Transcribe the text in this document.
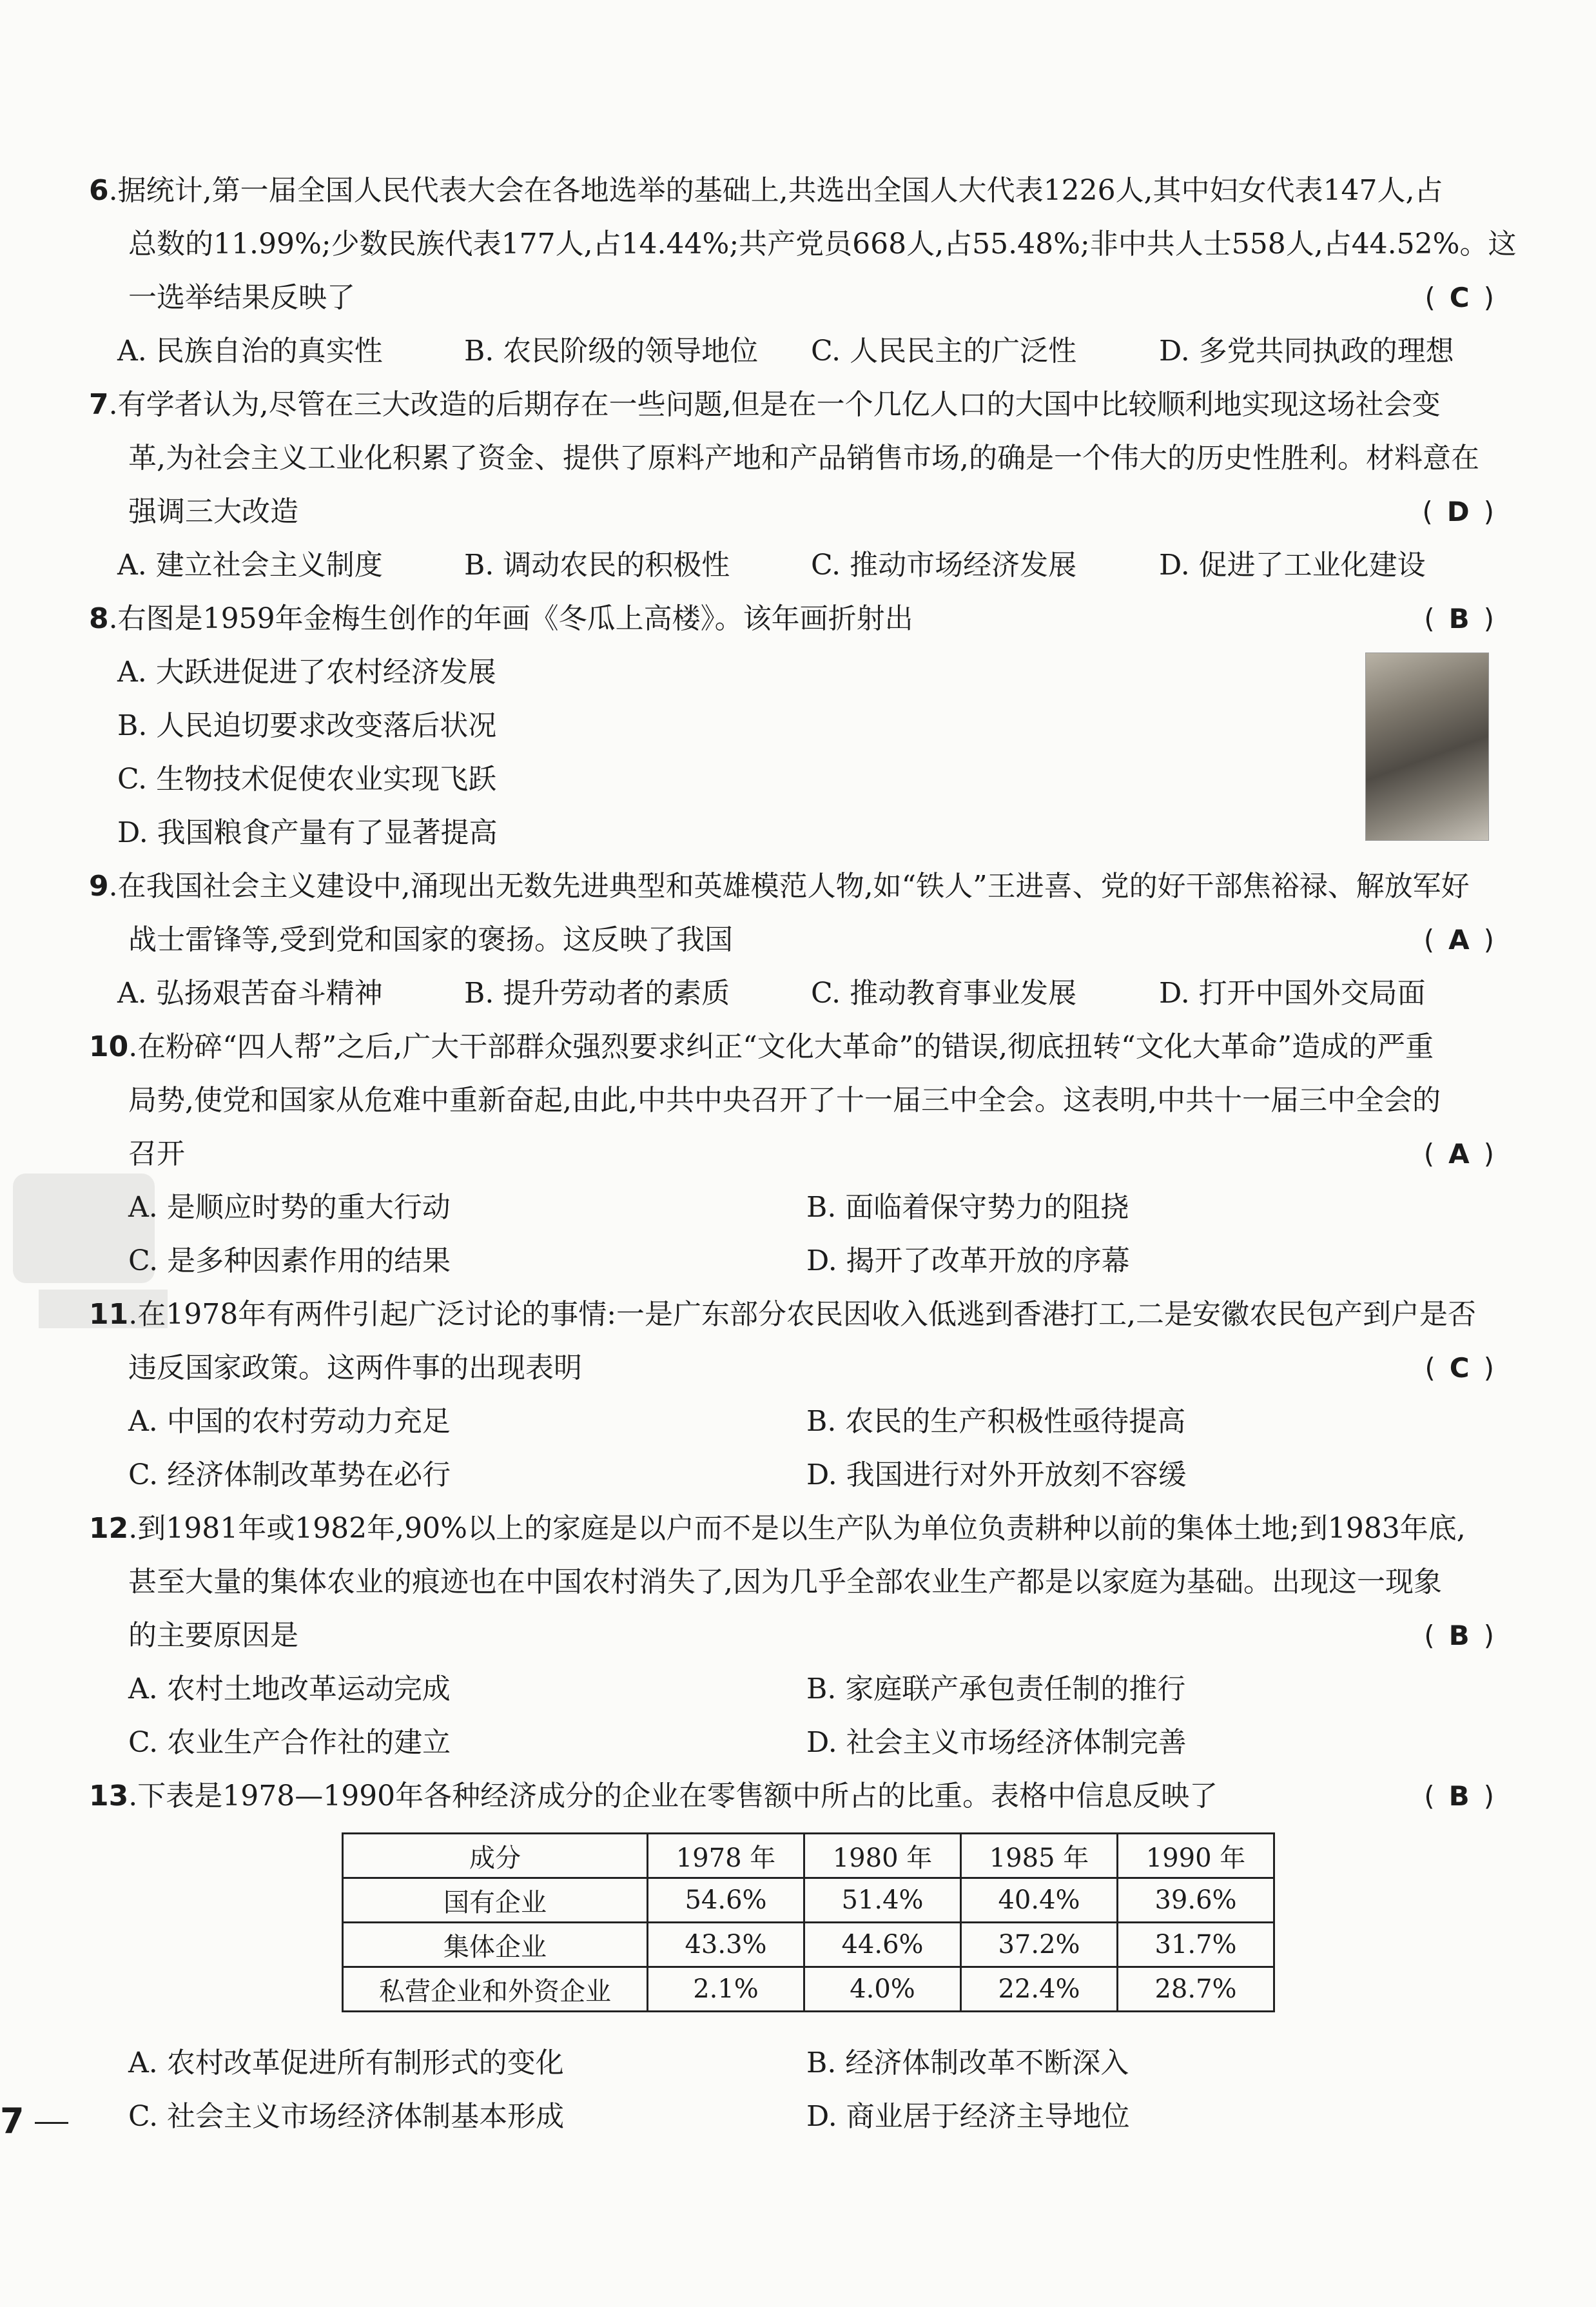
6.据统计,第一届全国人民代表大会在各地选举的基础上,共选出全国人大代表1226人,其中妇女代表147人,占
总数的11.99%;少数民族代表177人,占14.44%;共产党员668人,占55.48%;非中共人士558人,占44.52%。这
一选举结果反映了	( C )
A. 民族自治的真实性	B. 农民阶级的领导地位 C. 人民民主的广泛性	D. 多党共同执政的理想
7.有学者认为,尽管在三大改造的后期存在一些问题,但是在一个几亿人口的大国中比较顺利地实现这场社会变
革,为社会主义工业化积累了资金、提供了原料产地和产品销售市场,的确是一个伟大的历史性胜利。材料意在
强调三大改造	( D )
A. 建立社会主义制度	B. 调动农民的积极性	C. 推动市场经济发展	D. 促进了工业化建设
8.右图是1959年金梅生创作的年画《冬瓜上高楼》。该年画折射出	( B )
A. 大跃进促进了农村经济发展
B. 人民迫切要求改变落后状况
C. 生物技术促使农业实现飞跃
D. 我国粮食产量有了显著提高
9.在我国社会主义建设中,涌现出无数先进典型和英雄模范人物,如“铁人”王进喜、党的好干部焦裕禄、解放军好
战士雷锋等,受到党和国家的褒扬。这反映了我国	( A )
A. 弘扬艰苦奋斗精神	B. 提升劳动者的素质	C. 推动教育事业发展	D. 打开中国外交局面
10.在粉碎“四人帮”之后,广大干部群众强烈要求纠正“文化大革命”的错误,彻底扭转“文化大革命”造成的严重
局势,使党和国家从危难中重新奋起,由此,中共中央召开了十一届三中全会。这表明,中共十一届三中全会的
召开	( A )
A. 是顺应时势的重大行动	B. 面临着保守势力的阻挠
C. 是多种因素作用的结果	D. 揭开了改革开放的序幕
11.在1978年有两件引起广泛讨论的事情:一是广东部分农民因收入低逃到香港打工,二是安徽农民包产到户是否
违反国家政策。这两件事的出现表明	( C )
A. 中国的农村劳动力充足	B. 农民的生产积极性亟待提高
C. 经济体制改革势在必行	D. 我国进行对外开放刻不容缓
12.到1981年或1982年,90%以上的家庭是以户而不是以生产队为单位负责耕种以前的集体土地;到1983年底,
甚至大量的集体农业的痕迹也在中国农村消失了,因为几乎全部农业生产都是以家庭为基础。出现这一现象
的主要原因是	( B )
A. 农村土地改革运动完成	B. 家庭联产承包责任制的推行
C. 农业生产合作社的建立	D. 社会主义市场经济体制完善
13.下表是1978—1990年各种经济成分的企业在零售额中所占的比重。表格中信息反映了	( B )
成分	1978 年	1980 年	1985 年	1990 年
国有企业	54.6%	51.4%	40.4%	39.6%
集体企业	43.3%	44.6%	37.2%	31.7%
私营企业和外资企业	2.1%	4.0%	22.4%	28.7%
A. 农村改革促进所有制形式的变化	B. 经济体制改革不断深入
C. 社会主义市场经济体制基本形成	D. 商业居于经济主导地位
7
